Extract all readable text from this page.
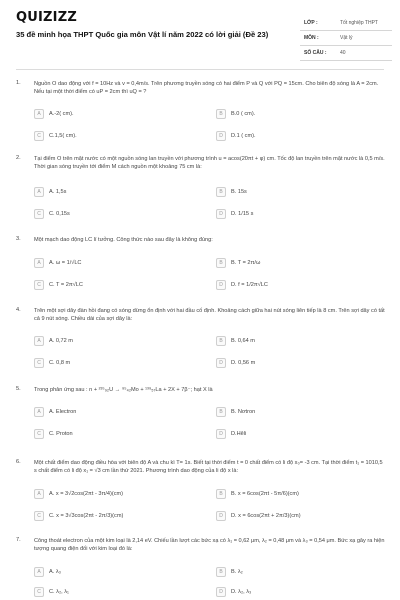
QUIZIZZ
35 đề minh họa THPT Quốc gia môn Vật lí năm 2022 có lời giải (Đề 23)
LỚP :	Tốt nghiệp THPT
MÔN :	Vật lý
SỐ CÂU :	40
1. Nguồn O dao động với f = 10Hz và v = 0,4m/s. Trên phương truyền sóng có hai điểm P và Q với PQ = 15cm. Cho biên độ sóng là A = 2cm. Nếu tại một thời điểm có uP = 2cm thì uQ = ?
A	A.-2( cm).	B	B.0 ( cm).
C	C.1,5( cm).	D	D.1 ( cm).
2. Tại điểm O trên mặt nước có một nguồn sóng lan truyền với phương trình u = acos(20πt + φ) cm. Tốc độ lan truyền trên mặt nước là 0,5 m/s. Thời gian sóng truyền tới điểm M cách nguồn một khoảng 75 cm là:
A	A. 1,5s	B	B. 15s
C	C. 0,15s	D	D. 1/15 s
3. Một mạch dao động LC lí tưởng. Công thức nào sau đây là không đúng:
A	A. ω = 1/√LC	B	B. T = 2π/ω
C	C. T = 2π√LC	D	D. f = 1/2π√LC
4. Trên một sợi dây đàn hồi đang có sóng dừng ổn định với hai đầu cố định. Khoảng cách giữa hai nút sóng liên tiếp là 8 cm. Trên sợi dây có tất cả 9 nút sóng. Chiều dài của sợi dây là:
A	A. 0,72 m	B	B. 0,64 m
C	C. 0,8 m	D	D. 0,56 m
5. Trong phản ứng sau : n + ²³⁵₉₂U → ⁹⁵₄₂Mo + ¹³⁹₅₇La + 2X + 7β⁻; hạt X là
A	A. Electron	B	B. Nơtron
C	C. Proton	D	D.Hêli
6. Một chất điểm dao động điều hòa với biên độ A và chu kì T= 1s. Biết tại thời điểm t = 0 chất điểm có li độ x₀= -3 cm. Tại thời điểm t₁ = 1010,5 s chất điểm có li độ x₁ = √3 cm lần thứ 2021. Phương trình dao động của li độ x là:
A	A. x = 3√2cos(2πt - 3π/4)(cm)	B	B. x = 6cos(2πt - 5π/6)(cm)
C	C. x = 3√3cos(2πt - 2π/3)(cm)	D	D. x = 6cos(2πt + 2π/3)(cm)
7. Công thoát electron của một kim loại là 2,14 eV. Chiếu lần lượt các bức xạ có λ₁ = 0,62 μm, λ₂ = 0,48 μm và λ₃ = 0,54 μm. Bức xạ gây ra hiện tượng quang điện đối với kim loại đó là:
A	A. λ₃	B	B. λ₂
C	C. λ₂, λ₁	D	D. λ₂, λ₃
